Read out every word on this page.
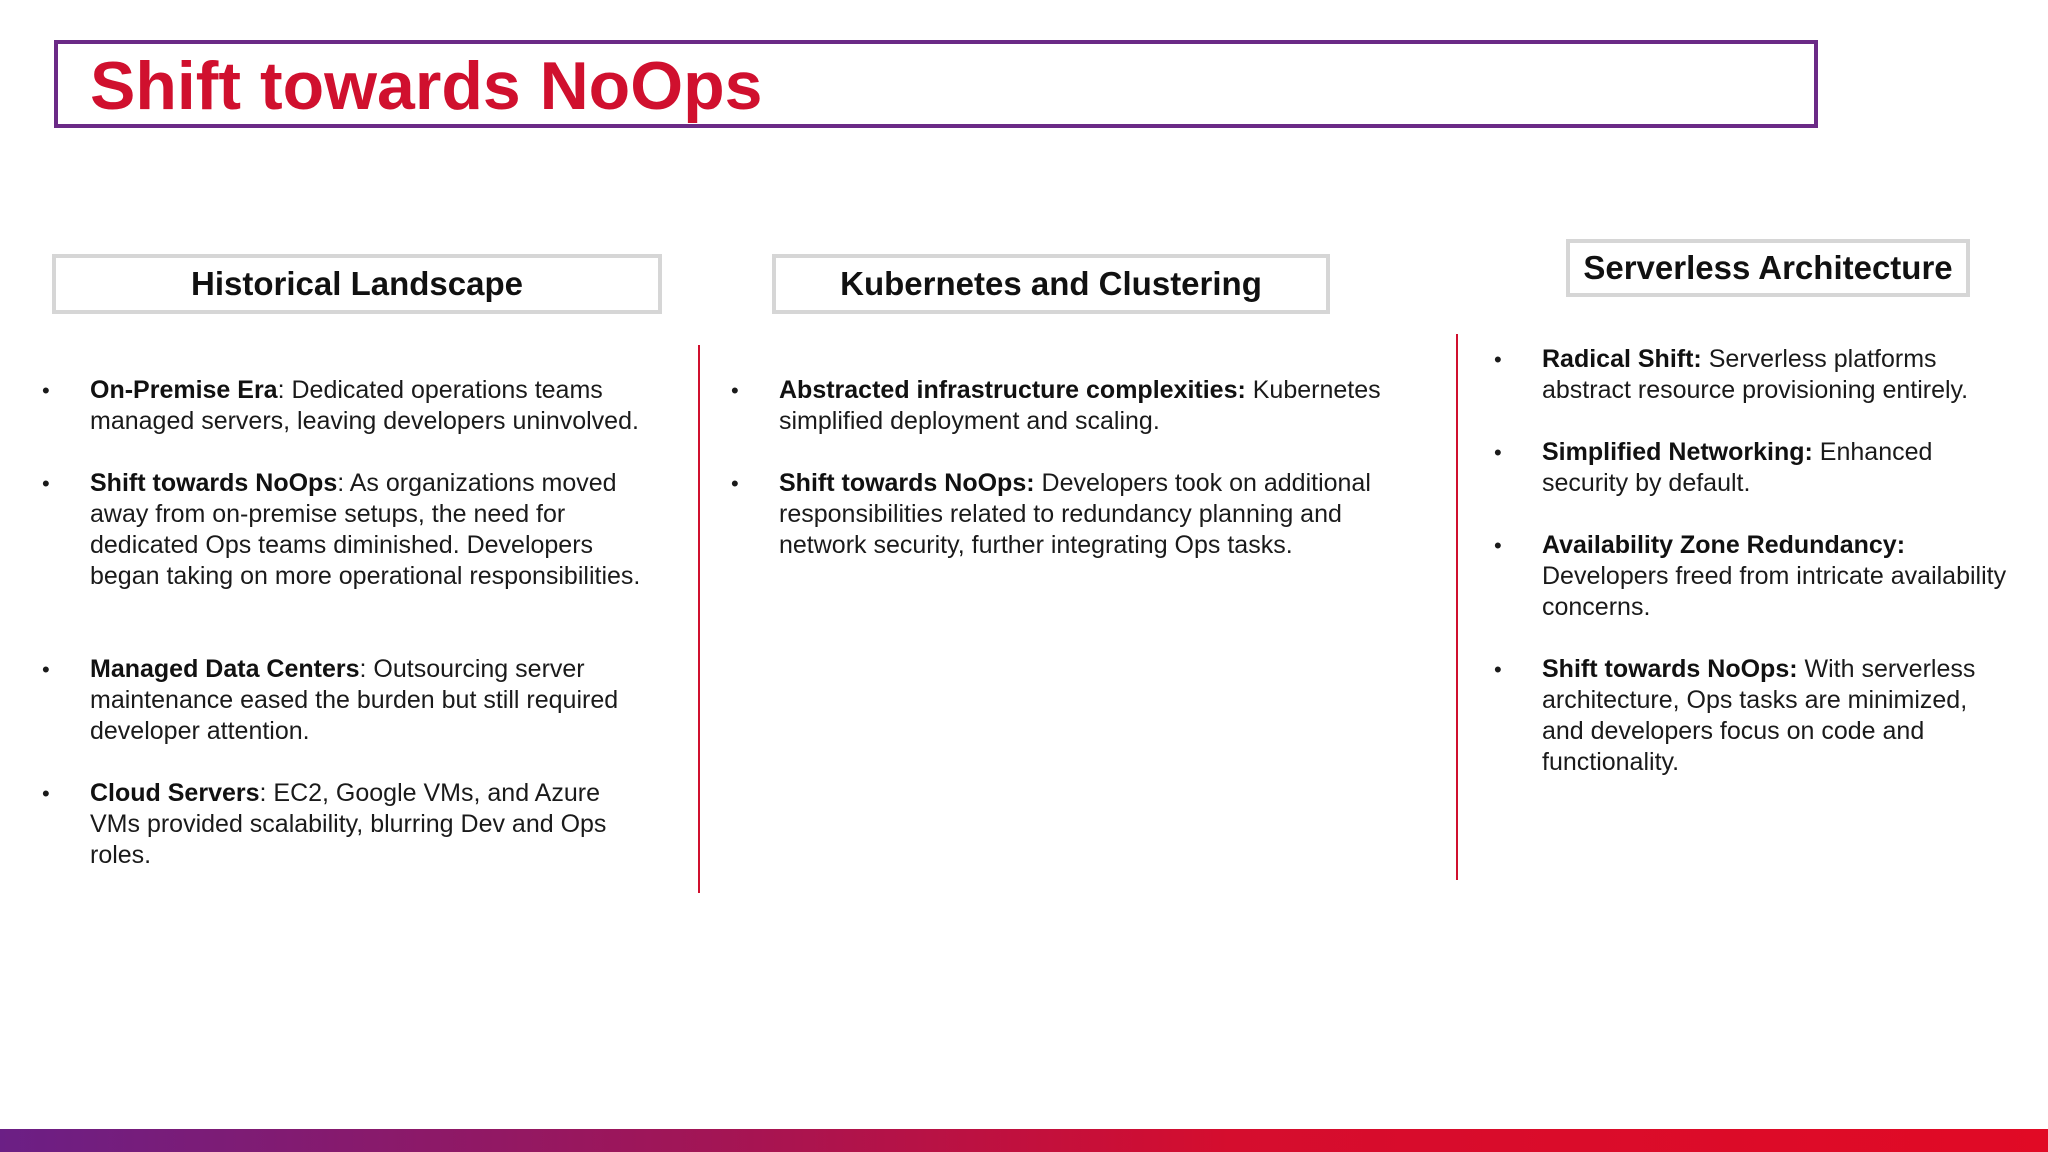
Shift towards NoOps
Historical Landscape
• On-Premise Era: Dedicated operations teams managed servers, leaving developers uninvolved.
• Shift towards NoOps: As organizations moved away from on-premise setups, the need for dedicated Ops teams diminished. Developers began taking on more operational responsibilities.
• Managed Data Centers: Outsourcing server maintenance eased the burden but still required developer attention.
• Cloud Servers: EC2, Google VMs, and Azure VMs provided scalability, blurring Dev and Ops roles.
Kubernetes and Clustering
• Abstracted infrastructure complexities: Kubernetes simplified deployment and scaling.
• Shift towards NoOps: Developers took on additional responsibilities related to redundancy planning and network security, further integrating Ops tasks.
Serverless Architecture
• Radical Shift: Serverless platforms abstract resource provisioning entirely.
• Simplified Networking: Enhanced security by default.
• Availability Zone Redundancy: Developers freed from intricate availability concerns.
• Shift towards NoOps: With serverless architecture, Ops tasks are minimized, and developers focus on code and functionality.
